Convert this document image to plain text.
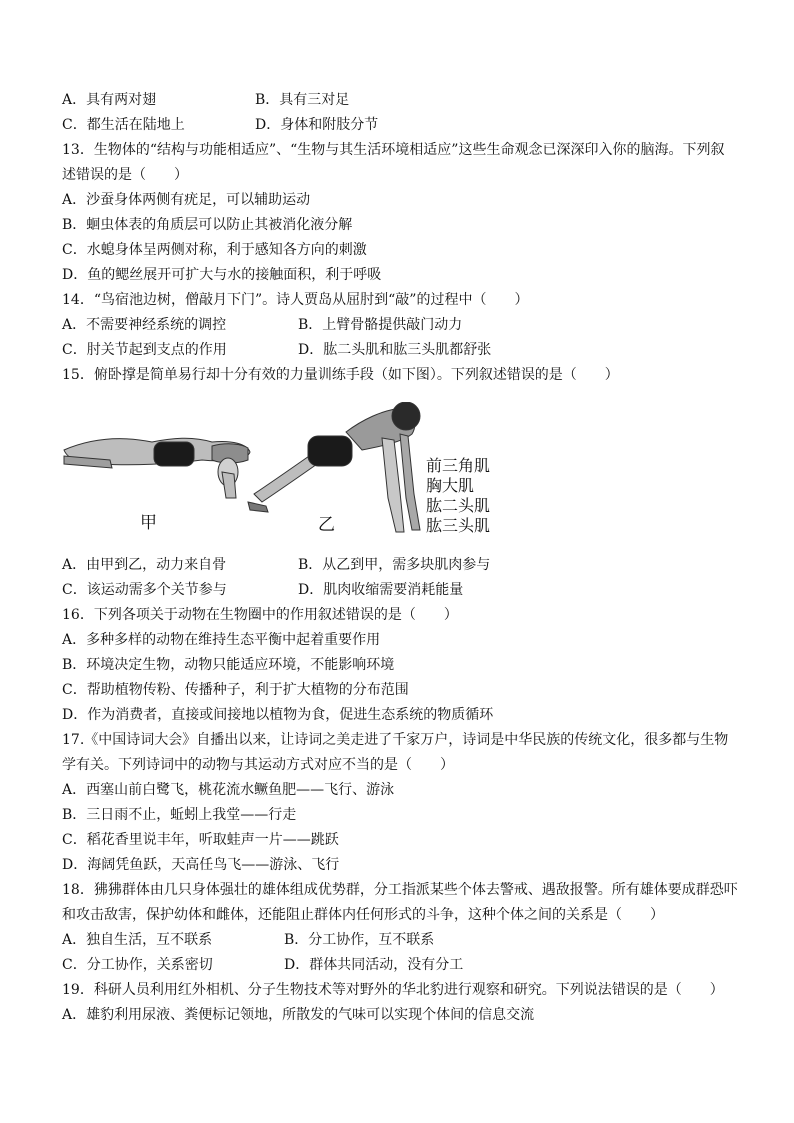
A．具有两对翅	B．具有三对足
C．都生活在陆地上	D．身体和附肢分节
13．生物体的“结构与功能相适应”、“生物与其生活环境相适应”这些生命观念已深深印入你的脑海。下列叙
述错误的是（　　）
A．沙蚕身体两侧有疣足，可以辅助运动
B．蛔虫体表的角质层可以防止其被消化液分解
C．水螅身体呈两侧对称，利于感知各方向的刺激
D．鱼的鳃丝展开可扩大与水的接触面积，利于呼吸
14．“鸟宿池边树，僧敲月下门”。诗人贾岛从屈肘到“敲”的过程中（　　）
A．不需要神经系统的调控	B．上臂骨骼提供敲门动力
C．肘关节起到支点的作用	D．肱二头肌和肱三头肌都舒张
15．俯卧撑是简单易行却十分有效的力量训练手段（如下图）。下列叙述错误的是（　　）
甲	乙
前三角肌
胸大肌
肱二头肌
肱三头肌
A．由甲到乙，动力来自骨	B．从乙到甲，需多块肌肉参与
C．该运动需多个关节参与	D．肌肉收缩需要消耗能量
16．下列各项关于动物在生物圈中的作用叙述错误的是（　　）
A．多种多样的动物在维持生态平衡中起着重要作用
B．环境决定生物，动物只能适应环境，不能影响环境
C．帮助植物传粉、传播种子，利于扩大植物的分布范围
D．作为消费者，直接或间接地以植物为食，促进生态系统的物质循环
17.《中国诗词大会》自播出以来，让诗词之美走进了千家万户，诗词是中华民族的传统文化，很多都与生物
学有关。下列诗词中的动物与其运动方式对应不当的是（　　）
A．西塞山前白鹭飞，桃花流水鳜鱼肥——飞行、游泳
B．三日雨不止，蚯蚓上我堂——行走
C．稻花香里说丰年，听取蛙声一片——跳跃
D．海阔凭鱼跃，天高任鸟飞——游泳、飞行
18．狒狒群体由几只身体强壮的雄体组成优势群，分工指派某些个体去警戒、遇敌报警。所有雄体要成群恐吓
和攻击敌害，保护幼体和雌体，还能阻止群体内任何形式的斗争，这种个体之间的关系是（　　）
A．独自生活，互不联系	B．分工协作，互不联系
C．分工协作，关系密切	D．群体共同活动，没有分工
19．科研人员利用红外相机、分子生物技术等对野外的华北豹进行观察和研究。下列说法错误的是（　　）
A．雄豹利用尿液、粪便标记领地，所散发的气味可以实现个体间的信息交流
